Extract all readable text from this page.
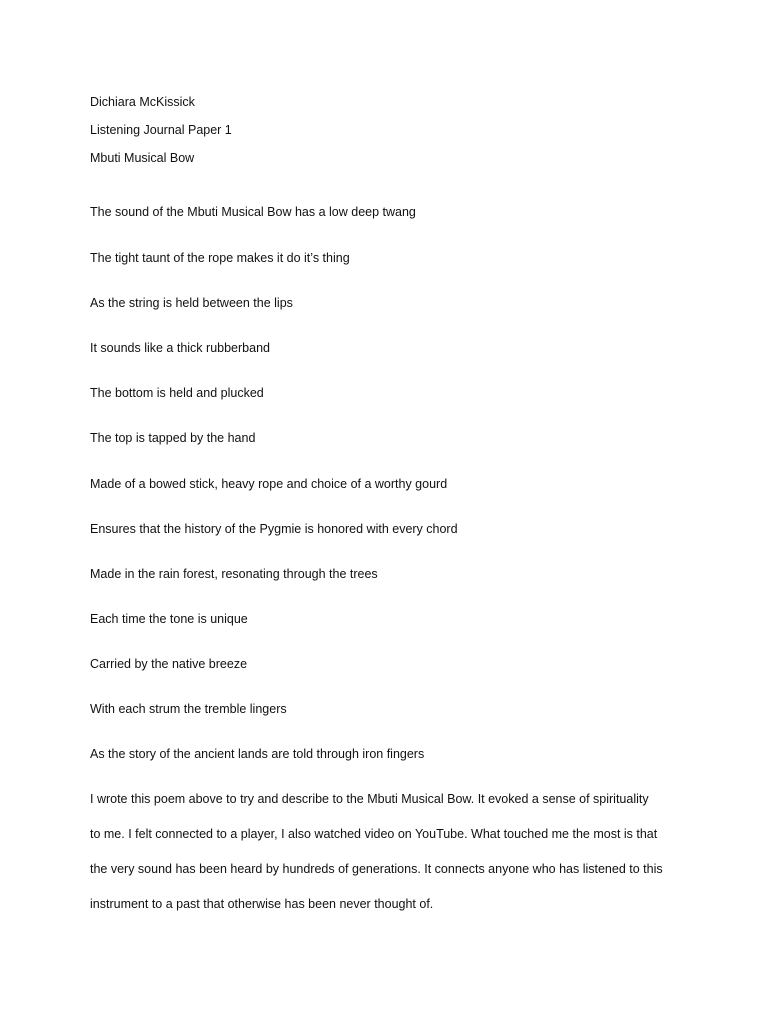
Dichiara McKissick
Listening Journal Paper 1
Mbuti Musical Bow
The sound of the Mbuti Musical Bow has a low deep twang
The tight taunt of the rope makes it do it’s thing
As the string is held between the lips
It sounds like a thick rubberband
The bottom is held and plucked
The top is tapped by the hand
Made of a bowed stick, heavy rope and choice of a worthy gourd
Ensures that the history of the Pygmie is honored with every chord
Made in the rain forest, resonating through the trees
Each time the tone is unique
Carried by the native breeze
With each strum the tremble lingers
As the story of the ancient lands are told through iron fingers
I wrote this poem above to try and describe to the Mbuti Musical Bow. It evoked a sense of spirituality
to me. I felt connected to a player, I also watched video on YouTube. What touched me the most is that
the very sound has been heard by hundreds of generations. It connects anyone who has listened to this
instrument to a past that otherwise has been never thought of.
